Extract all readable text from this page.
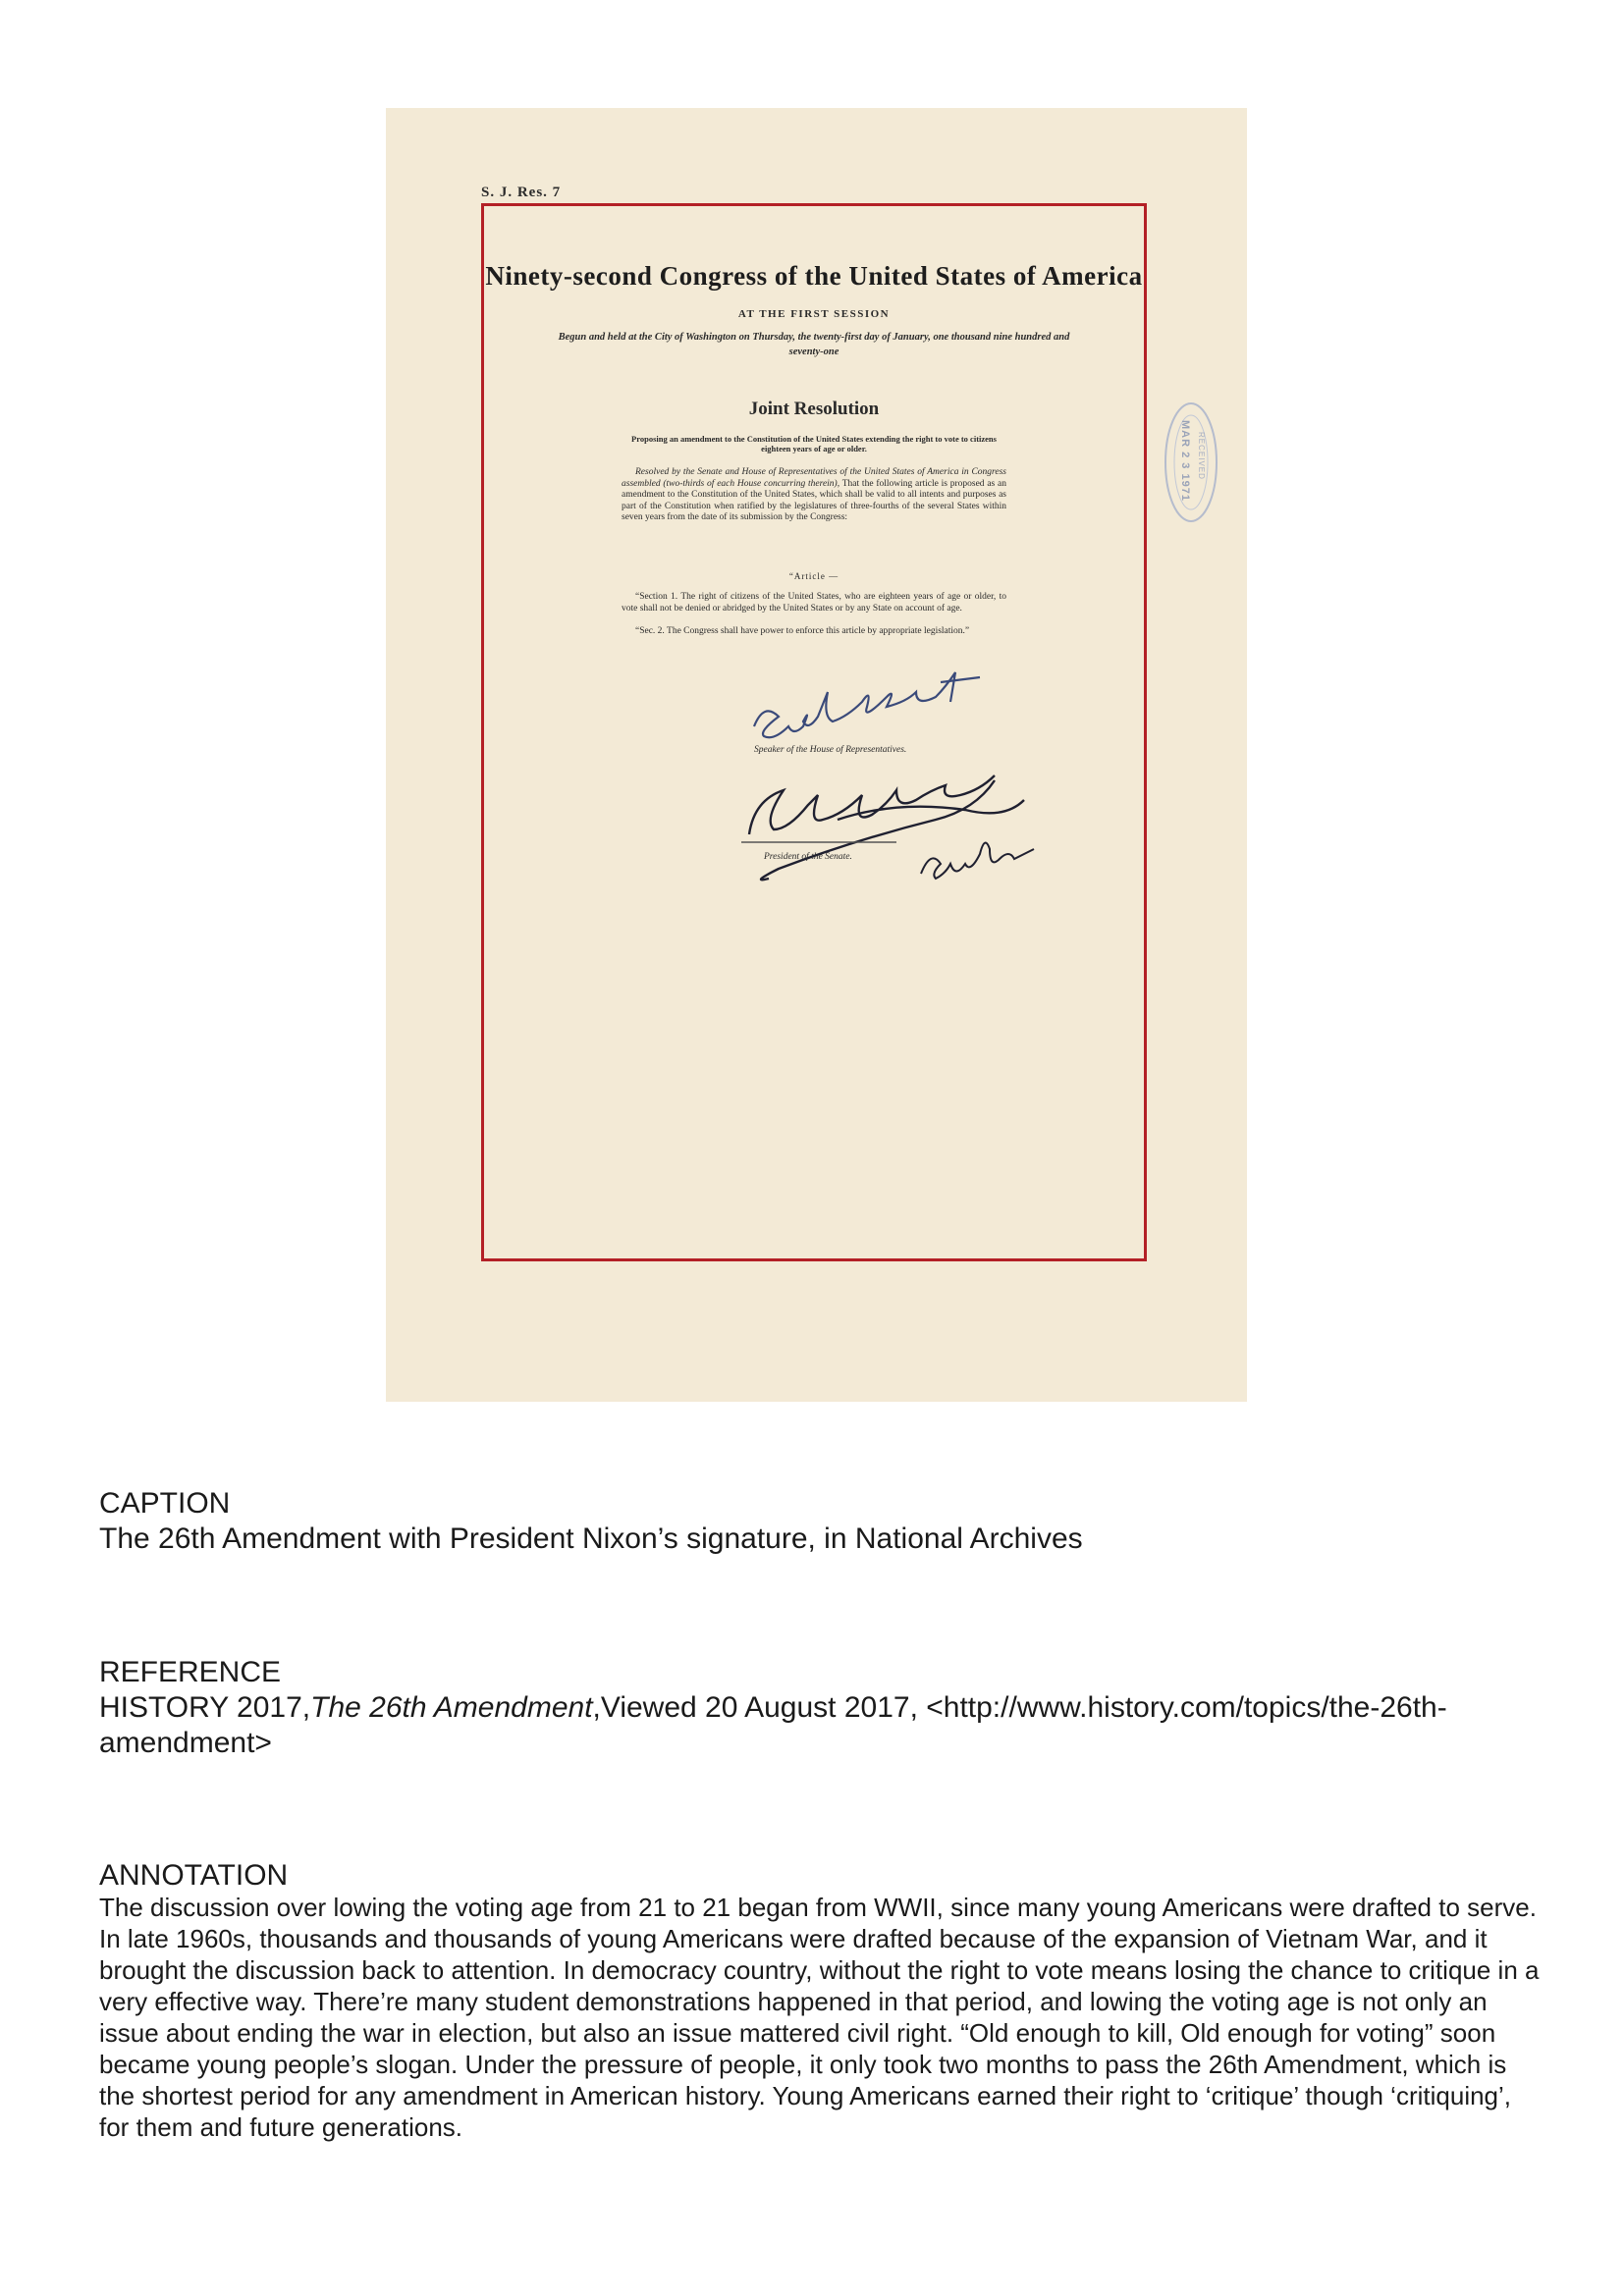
S. J. Res. 7
MAR 2 3 1971 RECEIVED
Ninety-second Congress of the United States of America
AT THE FIRST SESSION
Begun and held at the City of Washington on Thursday, the twenty-first day of January, one thousand nine hundred and seventy-one
Joint Resolution
Proposing an amendment to the Constitution of the United States extending the right to vote to citizens eighteen years of age or older.
Resolved by the Senate and House of Representatives of the United States of America in Congress assembled (two-thirds of each House concurring therein), That the following article is proposed as an amendment to the Constitution of the United States, which shall be valid to all intents and purposes as part of the Constitution when ratified by the legislatures of three-fourths of the several States within seven years from the date of its submission by the Congress:
“Article —
“Section 1. The right of citizens of the United States, who are eighteen years of age or older, to vote shall not be denied or abridged by the United States or by any State on account of age.
“Sec. 2. The Congress shall have power to enforce this article by appropriate legislation.”
Speaker of the House of Representatives.
President of the Senate.
CAPTION
The 26th Amendment with President Nixon’s signature, in National Archives
REFERENCE
HISTORY 2017,The 26th Amendment,Viewed 20 August 2017, <http://www.history.com/topics/the-26th-amendment>
ANNOTATION
The discussion over lowing the voting age from 21 to 21 began from WWII, since many young Americans were drafted to serve. In late 1960s, thousands and thousands of young Americans were drafted because of the expansion of Vietnam War, and it brought the discussion back to attention. In democracy country, without the right to vote means losing the chance to critique in a very effective way. There’re many student demonstrations happened in that period, and lowing the voting age is not only an issue about ending the war in election, but also an issue mattered civil right. “Old enough to kill, Old enough for voting” soon became young people’s slogan. Under the pressure of people, it only took two months to pass the 26th Amendment, which is the shortest period for any amendment in American history. Young Americans earned their right to ‘critique’ though ‘critiquing’, for them and future generations.
